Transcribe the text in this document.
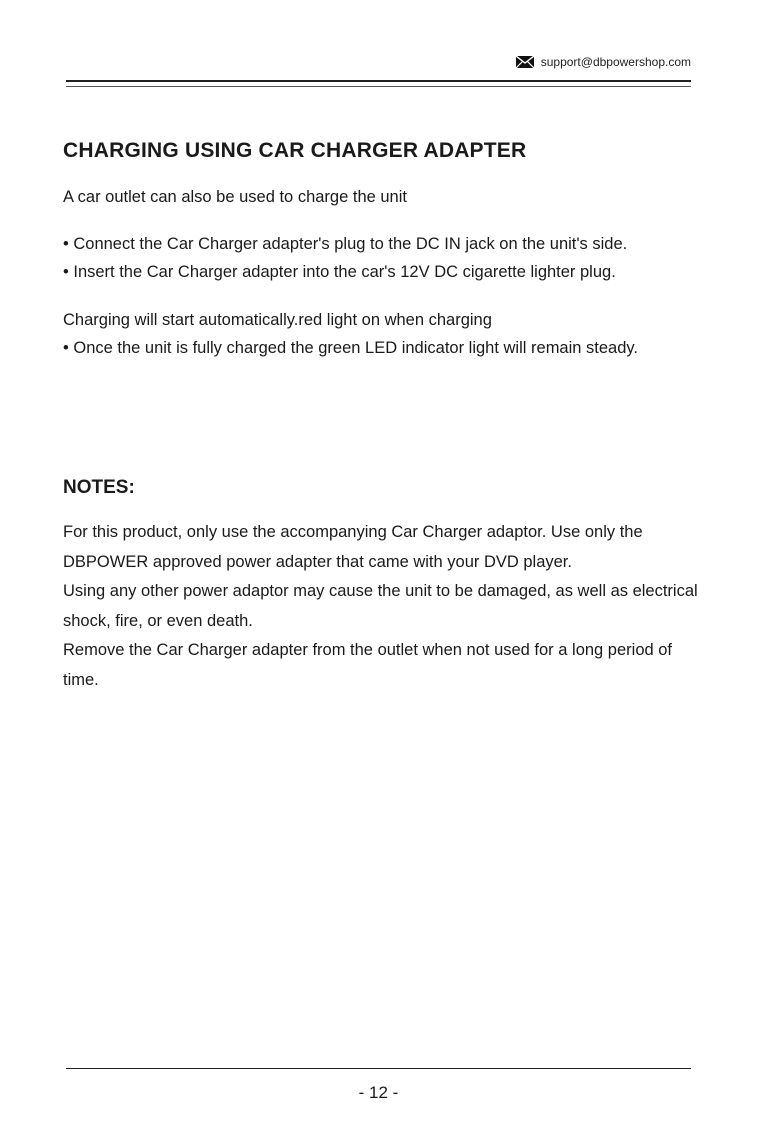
support@dbpowershop.com
CHARGING USING CAR CHARGER ADAPTER

A car outlet can also be used to charge the unit

• Connect the Car Charger adapter's plug to the DC IN jack on the unit's side.

• Insert the Car Charger adapter into the car's 12V DC cigarette lighter plug.

Charging will start automatically.red light on when charging

• Once the unit is fully charged the green LED indicator light will remain steady.

NOTES:

For this product, only use the accompanying Car Charger adaptor. Use only the DBPOWER approved power adapter that came with your DVD player.

Using any other power adaptor may cause the unit to be damaged, as well as electrical shock, fire, or even death.

Remove the Car Charger adapter from the outlet when not used for a long period of time.

- 12 -
